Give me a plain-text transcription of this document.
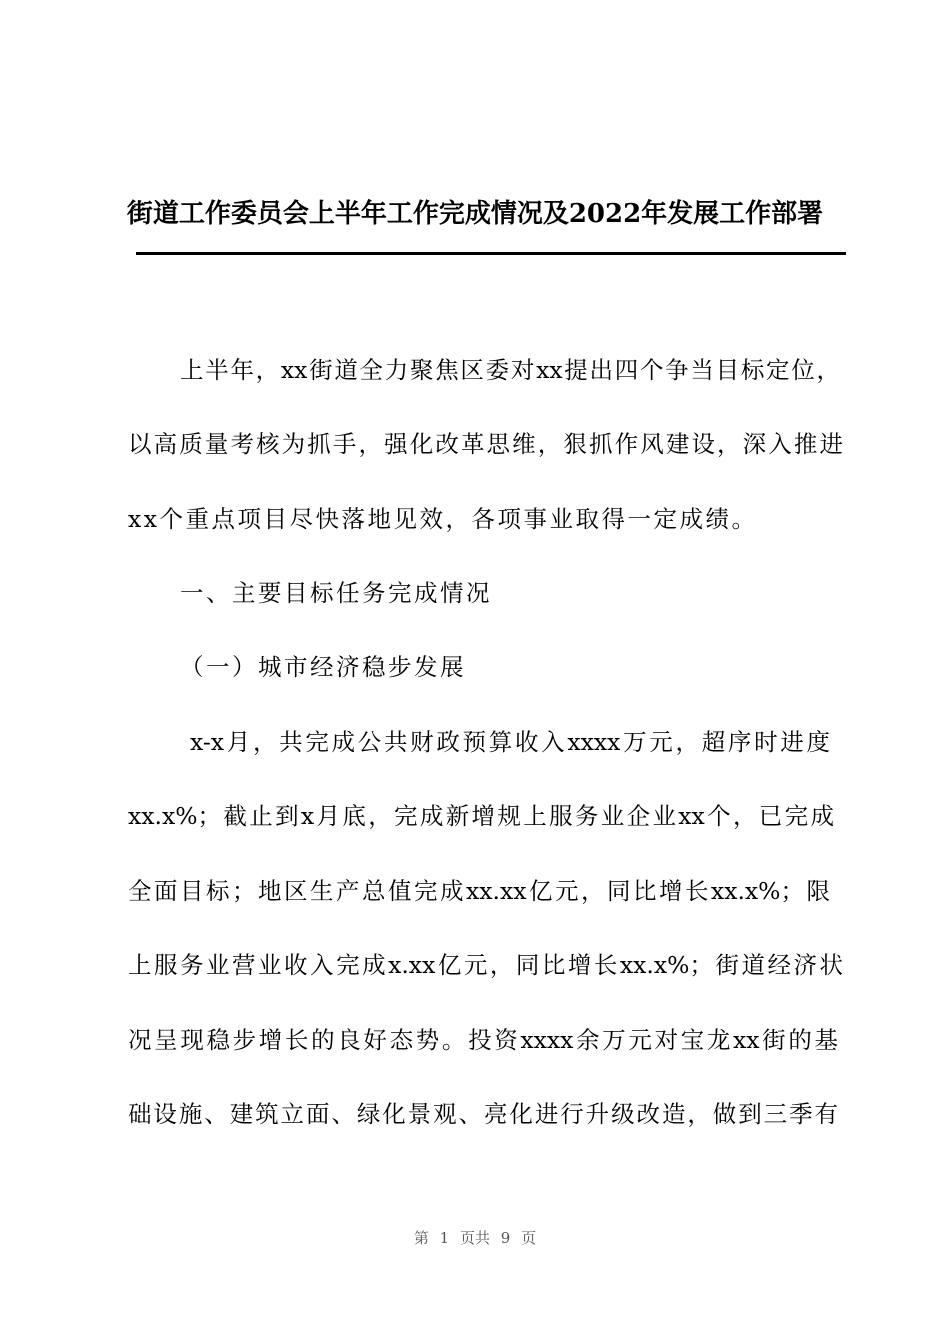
街道工作委员会上半年工作完成情况及2022年发展工作部署
上半年，xx街道全力聚焦区委对xx提出四个争当目标定位，
以高质量考核为抓手，强化改革思维，狠抓作风建设，深入推进
xx个重点项目尽快落地见效，各项事业取得一定成绩。
一、主要目标任务完成情况
（一）城市经济稳步发展
x-x月，共完成公共财政预算收入xxxx万元，超序时进度
xx.x%；截止到x月底，完成新增规上服务业企业xx个，已完成
全面目标；地区生产总值完成xx.xx亿元，同比增长xx.x%；限
上服务业营业收入完成x.xx亿元，同比增长xx.x%；街道经济状
况呈现稳步增长的良好态势。投资xxxx余万元对宝龙xx街的基
础设施、建筑立面、绿化景观、亮化进行升级改造，做到三季有
第 1 页共 9 页
